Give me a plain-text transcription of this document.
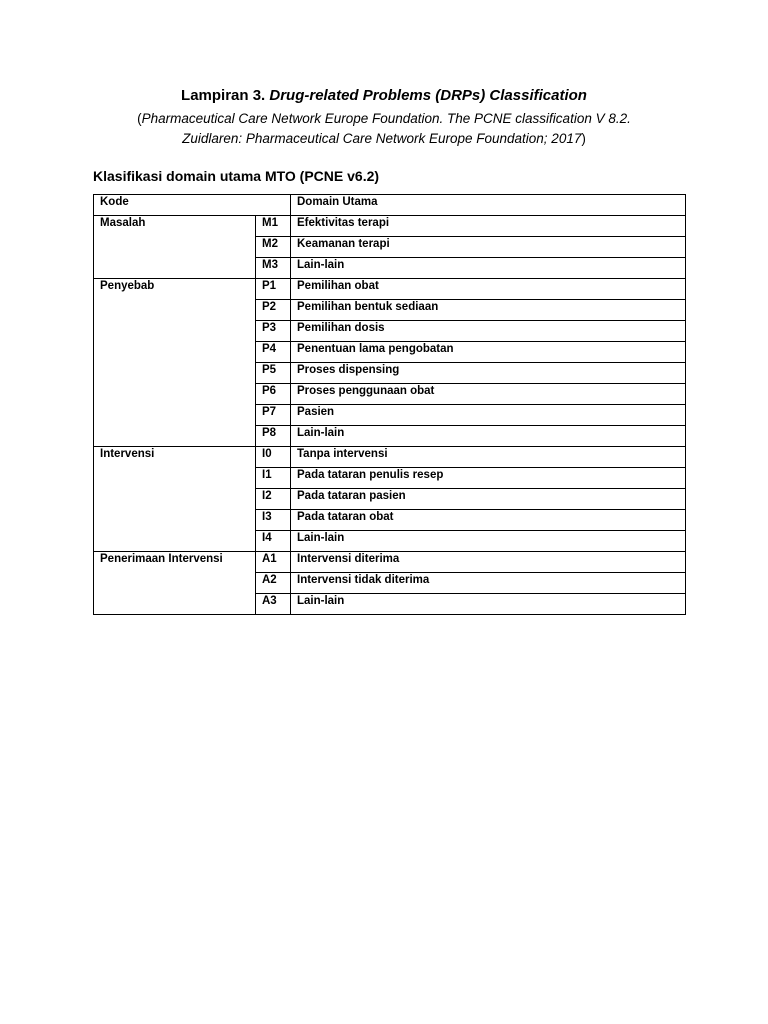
Lampiran 3. Drug-related Problems (DRPs) Classification
(Pharmaceutical Care Network Europe Foundation. The PCNE classification V 8.2.
Zuidlaren: Pharmaceutical Care Network Europe Foundation; 2017)
Klasifikasi domain utama MTO (PCNE v6.2)
Kode		Domain Utama
Masalah	M1	Efektivitas terapi
	M2	Keamanan terapi
	M3	Lain-lain
Penyebab	P1	Pemilihan obat
	P2	Pemilihan bentuk sediaan
	P3	Pemilihan dosis
	P4	Penentuan lama pengobatan
	P5	Proses dispensing
	P6	Proses penggunaan obat
	P7	Pasien
	P8	Lain-lain
Intervensi	I0	Tanpa intervensi
	I1	Pada tataran penulis resep
	I2	Pada tataran pasien
	I3	Pada tataran obat
	I4	Lain-lain
Penerimaan Intervensi	A1	Intervensi diterima
	A2	Intervensi tidak diterima
	A3	Lain-lain
